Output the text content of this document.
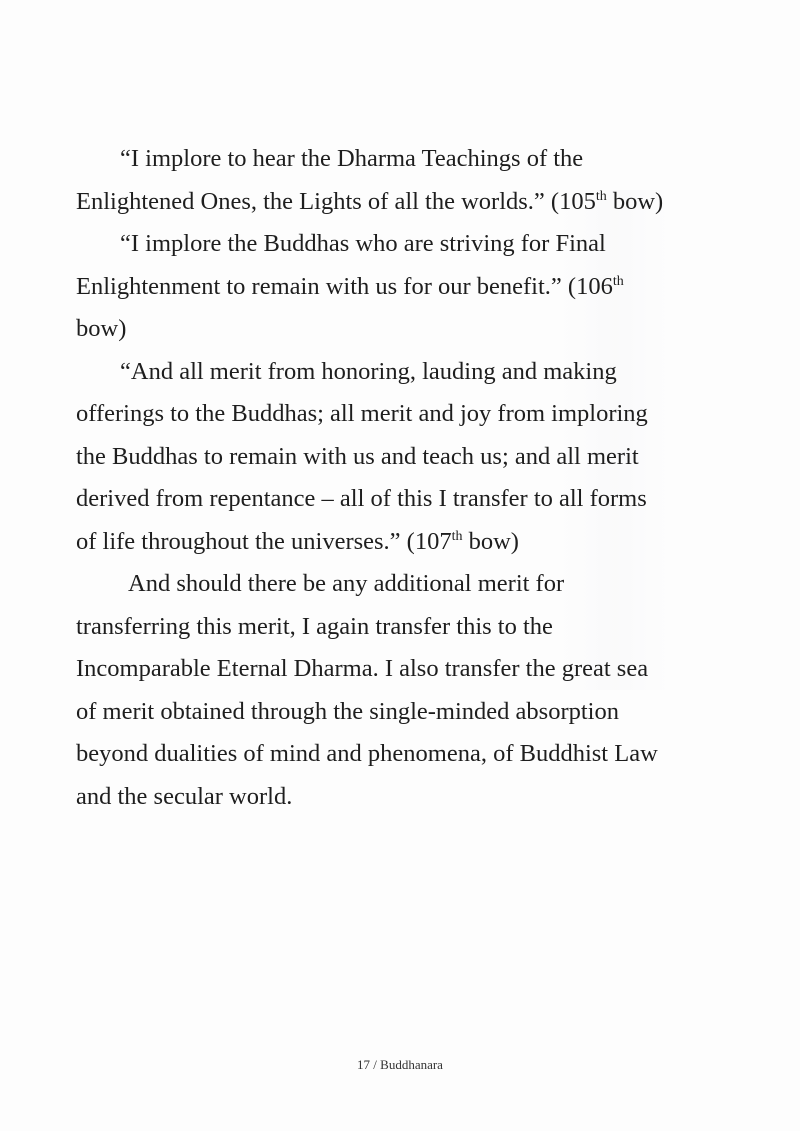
“I implore to hear the Dharma Teachings of the Enlightened Ones, the Lights of all the worlds.” (105th bow)

“I implore the Buddhas who are striving for Final Enlightenment to remain with us for our benefit.” (106th bow)

“And all merit from honoring, lauding and making offerings to the Buddhas; all merit and joy from imploring the Buddhas to remain with us and teach us; and all merit derived from repentance – all of this I transfer to all forms of life throughout the universes.” (107th bow)

And should there be any additional merit for transferring this merit, I again transfer this to the Incomparable Eternal Dharma. I also transfer the great sea of merit obtained through the single-minded absorption beyond dualities of mind and phenomena, of Buddhist Law and the secular world.

17 / Buddhanara
